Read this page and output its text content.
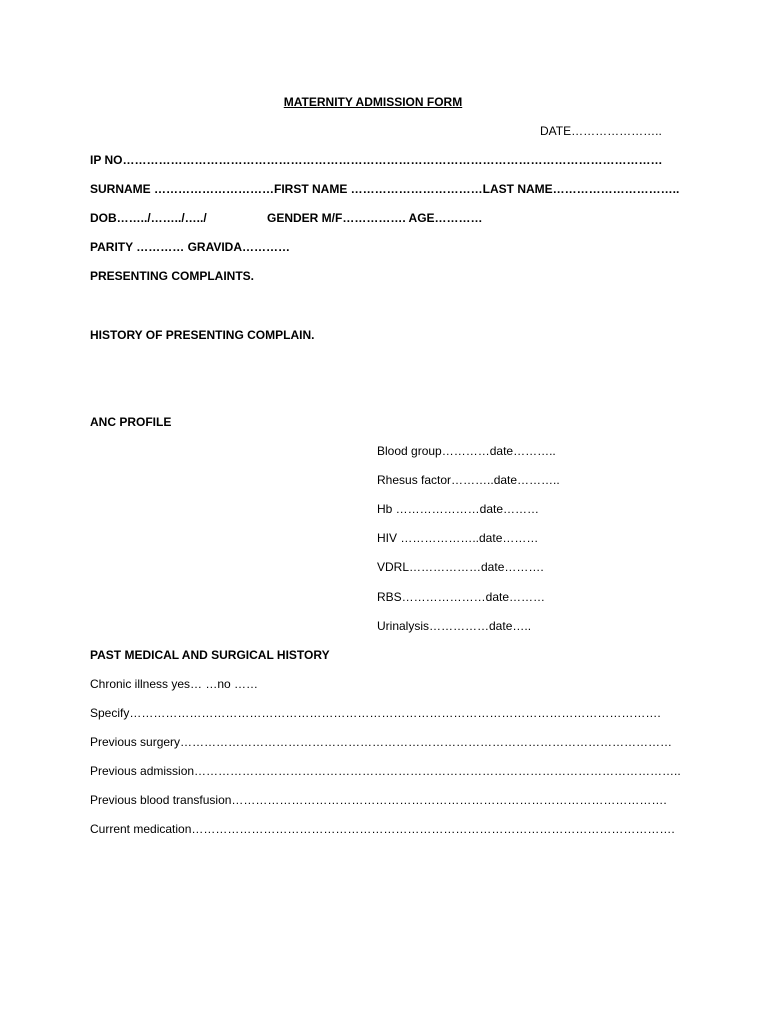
MATERNITY ADMISSION FORM
DATE…………………..
IP NO………………………………………………………………………………………………………………………
SURNAME …………………………FIRST NAME ……………………………LAST NAME…………………………..
DOB……../……../…../	GENDER M/F……………. AGE…………
PARITY ………… GRAVIDA…………
PRESENTING COMPLAINTS.
HISTORY OF PRESENTING COMPLAIN.
ANC PROFILE
Blood group…………date………..
Rhesus factor………..date………..
Hb …………………date………
HIV ………………..date………
VDRL………………date……….
RBS…………………date………
Urinalysis……………date…..
PAST MEDICAL AND SURGICAL HISTORY
Chronic illness yes… …no ……
Specify…………………………………………………………………………………………………………………….
Previous surgery……………………………………………………………………………………………………………
Previous admission…………………………………………………………………………………………………………..
Previous blood transfusion……………………………………………………………………………………………….
Current medication………………………………………………………………………………………………………….
